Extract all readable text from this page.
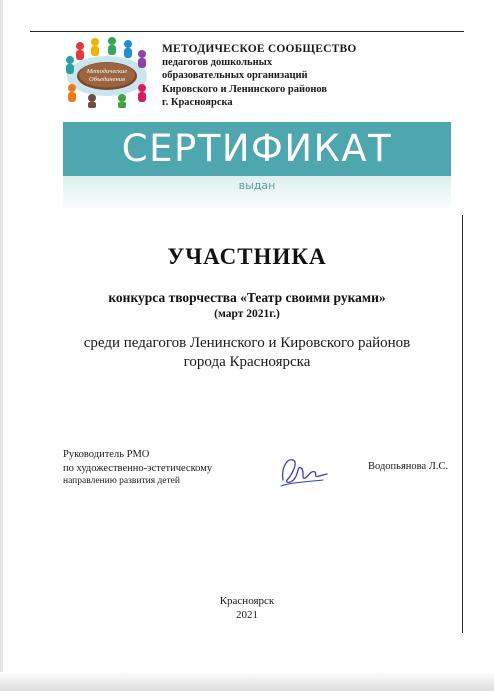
Методические
Объединения
МЕТОДИЧЕСКОЕ СООБЩЕСТВО
педагогов дошкольных
образовательных организаций
Кировского и Ленинского районов
г. Красноярска
СЕРТИФИКАТ
выдан
УЧАСТНИКА
конкурса творчества «Театр своими руками»
(март 2021г.)
среди педагогов Ленинского и Кировского районов
города Красноярска
Руководитель РМО
по художественно-эстетическому
направлению развития детей
Водопьянова Л.С.
Красноярск
2021
